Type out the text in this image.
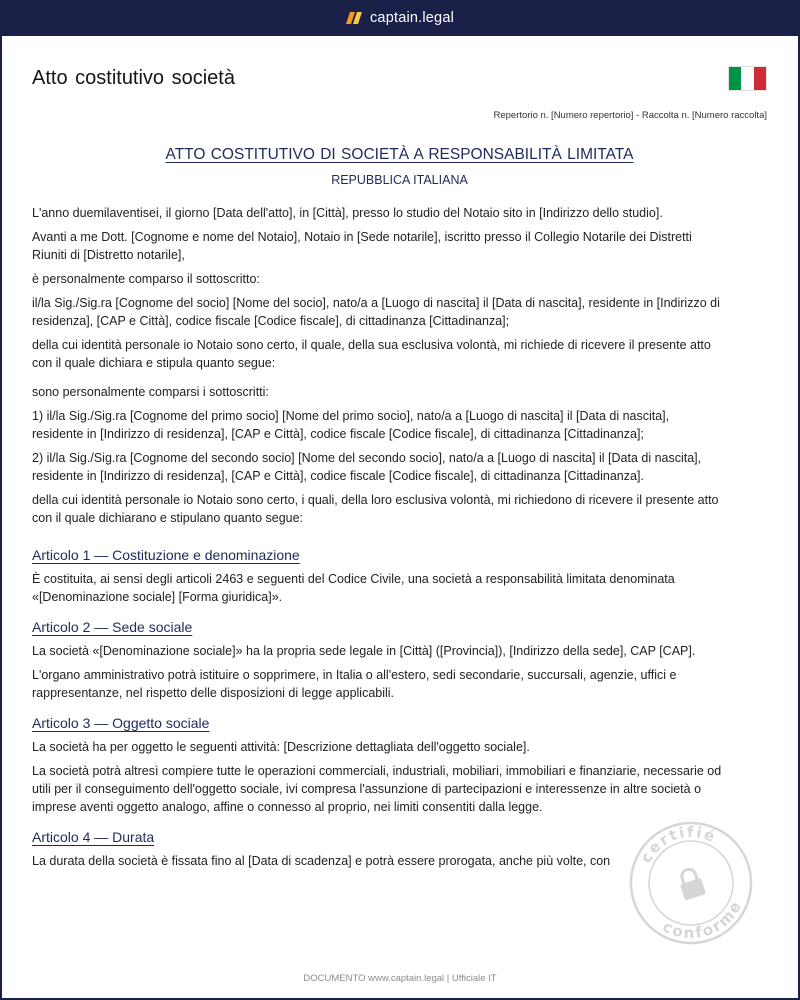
captain.legal
Atto costitutivo società
Repertorio n. [Numero repertorio] - Raccolta n. [Numero raccolta]
ATTO COSTITUTIVO DI SOCIETÀ A RESPONSABILITÀ LIMITATA
REPUBBLICA ITALIANA

L'anno duemilaventisei, il giorno [Data dell'atto], in [Città], presso lo studio del Notaio sito in [Indirizzo dello studio].

Avanti a me Dott. [Cognome e nome del Notaio], Notaio in [Sede notarile], iscritto presso il Collegio Notarile dei Distretti Riuniti di [Distretto notarile],

è personalmente comparso il sottoscritto:

il/la Sig./Sig.ra [Cognome del socio] [Nome del socio], nato/a a [Luogo di nascita] il [Data di nascita], residente in [Indirizzo di residenza], [CAP e Città], codice fiscale [Codice fiscale], di cittadinanza [Cittadinanza];

della cui identità personale io Notaio sono certo, il quale, della sua esclusiva volontà, mi richiede di ricevere il presente atto con il quale dichiara e stipula quanto segue:

sono personalmente comparsi i sottoscritti:

1) il/la Sig./Sig.ra [Cognome del primo socio] [Nome del primo socio], nato/a a [Luogo di nascita] il [Data di nascita], residente in [Indirizzo di residenza], [CAP e Città], codice fiscale [Codice fiscale], di cittadinanza [Cittadinanza];

2) il/la Sig./Sig.ra [Cognome del secondo socio] [Nome del secondo socio], nato/a a [Luogo di nascita] il [Data di nascita], residente in [Indirizzo di residenza], [CAP e Città], codice fiscale [Codice fiscale], di cittadinanza [Cittadinanza].

della cui identità personale io Notaio sono certo, i quali, della loro esclusiva volontà, mi richiedono di ricevere il presente atto con il quale dichiarano e stipulano quanto segue:

Articolo 1 — Costituzione e denominazione

È costituita, ai sensi degli articoli 2463 e seguenti del Codice Civile, una società a responsabilità limitata denominata «[Denominazione sociale] [Forma giuridica]».

Articolo 2 — Sede sociale

La società «[Denominazione sociale]» ha la propria sede legale in [Città] ([Provincia]), [Indirizzo della sede], CAP [CAP].

L'organo amministrativo potrà istituire o sopprimere, in Italia o all'estero, sedi secondarie, succursali, agenzie, uffici e rappresentanze, nel rispetto delle disposizioni di legge applicabili.

Articolo 3 — Oggetto sociale

La società ha per oggetto le seguenti attività: [Descrizione dettagliata dell'oggetto sociale].

La società potrà altresì compiere tutte le operazioni commerciali, industriali, mobiliari, immobiliari e finanziarie, necessarie od utili per il conseguimento dell'oggetto sociale, ivi compresa l'assunzione di partecipazioni e interessenze in altre società o imprese aventi oggetto analogo, affine o connesso al proprio, nei limiti consentiti dalla legge.

Articolo 4 — Durata

La durata della società è fissata fino al [Data di scadenza] e potrà essere prorogata, anche più volte, con	certifié
conforme
DOCUMENTO www.captain.legal | Ufficiale IT
